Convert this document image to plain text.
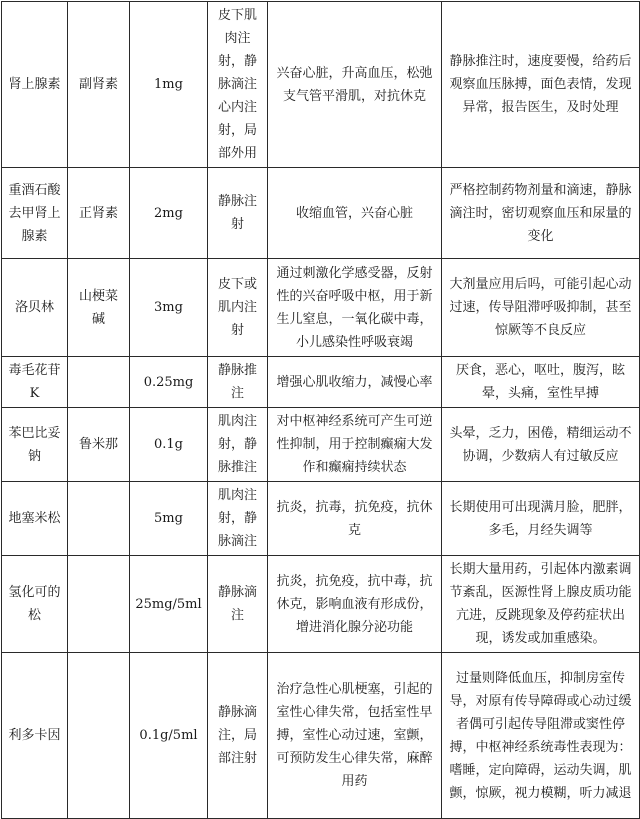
肾上腺素	副肾素	1mg	皮下肌肉注射，静脉滴注心内注射，局部外用	兴奋心脏，升高血压，松弛支气管平滑肌，对抗休克	静脉推注时，速度要慢，给药后观察血压脉搏，面色表情，发现异常，报告医生，及时处理
重酒石酸去甲肾上腺素	正肾素	2mg	静脉注射	收缩血管，兴奋心脏	严格控制药物剂量和滴速，静脉滴注时，密切观察血压和尿量的变化
洛贝林	山梗菜碱	3mg	皮下或肌内注射	通过刺激化学感受器，反射性的兴奋呼吸中枢，用于新生儿窒息，一氧化碳中毒，小儿感染性呼吸衰竭	大剂量应用后吗，可能引起心动过速，传导阻滞呼吸抑制，甚至惊厥等不良反应
毒毛花苷K		0.25mg	静脉推注	增强心肌收缩力，减慢心率	厌食，恶心，呕吐，腹泻，眩晕，头痛，室性早搏
苯巴比妥钠	鲁米那	0.1g	肌肉注射，静脉推注	对中枢神经系统可产生可逆性抑制，用于控制癫痫大发作和癫痫持续状态	头晕，乏力，困倦，精细运动不协调，少数病人有过敏反应
地塞米松		5mg	肌肉注射，静脉滴注	抗炎，抗毒，抗免疫，抗休克	长期使用可出现满月脸，肥胖，多毛，月经失调等
氢化可的松		25mg/5ml	静脉滴注	抗炎，抗免疫，抗中毒，抗休克，影响血液有形成份，增进消化腺分泌功能	长期大量用药，引起体内激素调节紊乱，医源性肾上腺皮质功能亢进，反跳现象及停药症状出现，诱发或加重感染。
利多卡因		0.1g/5ml	静脉滴注，局部注射	治疗急性心肌梗塞，引起的室性心律失常，包括室性早搏，室性心动过速，室颤，可预防发生心律失常，麻醉用药	过量则降低血压，抑制房室传导，对原有传导障碍或心动过缓者偶可引起传导阻滞或窦性停搏，中枢神经系统毒性表现为：嗜睡，定向障碍，运动失调，肌颤，惊厥，视力模糊，听力减退
